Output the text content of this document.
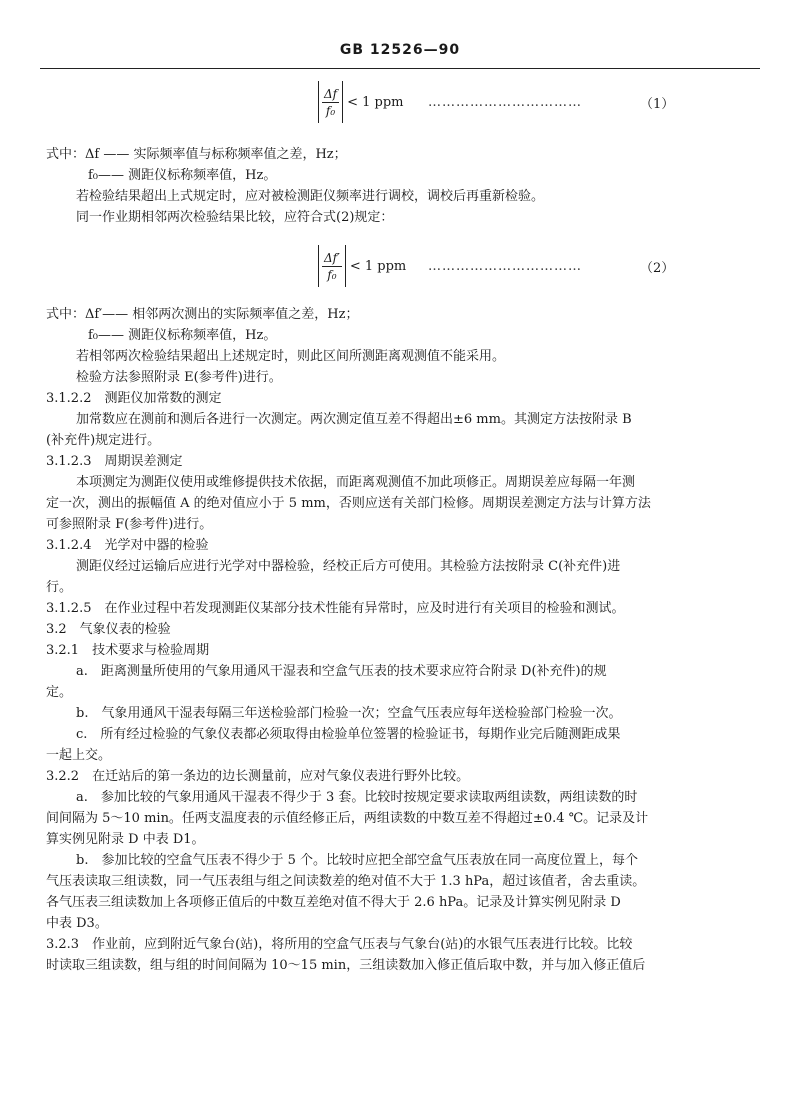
GB 12526—90
$\frac{\Delta f}{\text{f₀}} < 1$ ppm ……………………………	（1）
$\frac{\Delta f'}{\text{f₀}} < 1$ ppm ……………………………	（2）
式中：Δf —— 实际频率值与标称频率值之差，Hz；
f₀—— 测距仪标称频率值，Hz。
若检验结果超出上式规定时，应对被检测距仪频率进行调校，调校后再重新检验。
同一作业期相邻两次检验结果比较，应符合式(2)规定：
式中：Δf′—— 相邻两次测出的实际频率值之差，Hz；
f₀—— 测距仪标称频率值，Hz。
若相邻两次检验结果超出上述规定时，则此区间所测距离观测值不能采用。
检验方法参照附录 E(参考件)进行。
3.1.2.2　测距仪加常数的测定
加常数应在测前和测后各进行一次测定。两次测定值互差不得超出±6 mm。其测定方法按附录 B
(补充件)规定进行。
3.1.2.3　周期误差测定
本项测定为测距仪使用或维修提供技术依据，而距离观测值不加此项修正。周期误差应每隔一年测
定一次，测出的振幅值 A 的绝对值应小于 5 mm，否则应送有关部门检修。周期误差测定方法与计算方法
可参照附录 F(参考件)进行。
3.1.2.4　光学对中器的检验
测距仪经过运输后应进行光学对中器检验，经校正后方可使用。其检验方法按附录 C(补充件)进
行。
3.1.2.5　在作业过程中若发现测距仪某部分技术性能有异常时，应及时进行有关项目的检验和测试。
3.2　气象仪表的检验
3.2.1　技术要求与检验周期
a.　距离测量所使用的气象用通风干湿表和空盒气压表的技术要求应符合附录 D(补充件)的规
定。
b.　气象用通风干湿表每隔三年送检验部门检验一次；空盒气压表应每年送检验部门检验一次。
c.　所有经过检验的气象仪表都必须取得由检验单位签署的检验证书，每期作业完后随测距成果
一起上交。
3.2.2　在迁站后的第一条边的边长测量前，应对气象仪表进行野外比较。
a.　参加比较的气象用通风干湿表不得少于 3 套。比较时按规定要求读取两组读数，两组读数的时
间间隔为 5～10 min。任两支温度表的示值经修正后，两组读数的中数互差不得超过±0.4 ℃。记录及计
算实例见附录 D 中表 D1。
b.　参加比较的空盒气压表不得少于 5 个。比较时应把全部空盒气压表放在同一高度位置上，每个
气压表读取三组读数，同一气压表组与组之间读数差的绝对值不大于 1.3 hPa，超过该值者，舍去重读。
各气压表三组读数加上各项修正值后的中数互差绝对值不得大于 2.6 hPa。记录及计算实例见附录 D
中表 D3。
3.2.3　作业前，应到附近气象台(站)，将所用的空盒气压表与气象台(站)的水银气压表进行比较。比较
时读取三组读数，组与组的时间间隔为 10～15 min，三组读数加入修正值后取中数，并与加入修正值后
